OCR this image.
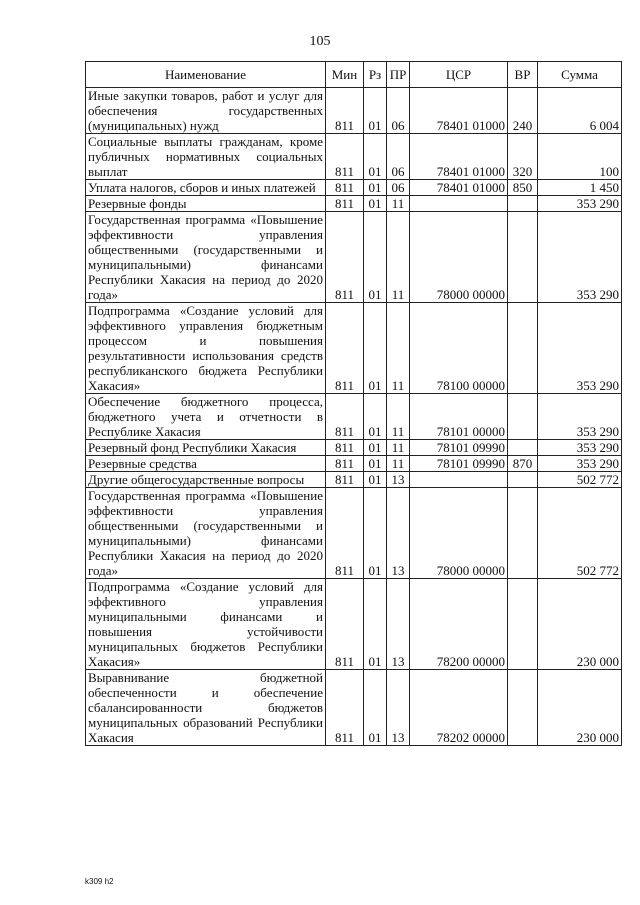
105
Наименование	Мин	Рз	ПР	ЦСР	ВР	Сумма
Иные закупки товаров, работ и услуг для обеспечения государственных (муниципальных) нужд	811	01	06	78401 01000	240	6 004
Социальные выплаты гражданам, кроме публичных нормативных социальных выплат	811	01	06	78401 01000	320	100
Уплата налогов, сборов и иных платежей	811	01	06	78401 01000	850	1 450
Резервные фонды	811	01	11			353 290
Государственная программа «Повышение эффективности управления общественными (государственными и муниципальными) финансами Республики Хакасия на период до 2020 года»	811	01	11	78000 00000		353 290
Подпрограмма «Создание условий для эффективного управления бюджетным процессом и повышения результативности использования средств республиканского бюджета Республики Хакасия»	811	01	11	78100 00000		353 290
Обеспечение бюджетного процесса, бюджетного учета и отчетности в Республике Хакасия	811	01	11	78101 00000		353 290
Резервный фонд Республики Хакасия	811	01	11	78101 09990		353 290
Резервные средства	811	01	11	78101 09990	870	353 290
Другие общегосударственные вопросы	811	01	13			502 772
Государственная программа «Повышение эффективности управления общественными (государственными и муниципальными) финансами Республики Хакасия на период до 2020 года»	811	01	13	78000 00000		502 772
Подпрограмма «Создание условий для эффективного управления муниципальными финансами и повышения устойчивости муниципальных бюджетов Республики Хакасия»	811	01	13	78200 00000		230 000
Выравнивание бюджетной обеспеченности и обеспечение сбалансированности бюджетов муниципальных образований Республики Хакасия	811	01	13	78202 00000		230 000
k309 h2
